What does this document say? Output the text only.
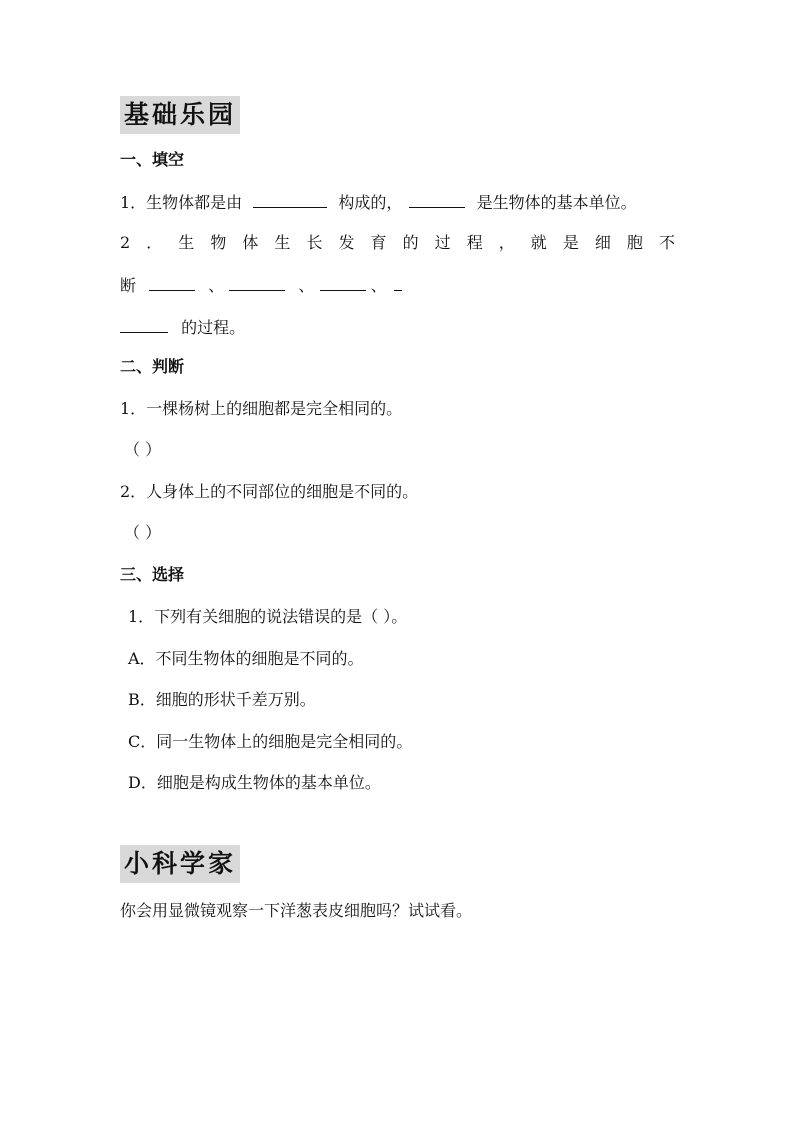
基础乐园
一、填空
1．生物体都是由	构成的，	是生物体的基本单位。
2 ． 生 物 体 生 长 发 育 的 过 程 ， 就 是 细 胞 不
断	、	、	、
的过程。
二、判断
1．一棵杨树上的细胞都是完全相同的。
（ ）
2．人身体上的不同部位的细胞是不同的。
（ ）
三、选择
1．下列有关细胞的说法错误的是（ ）。
A．不同生物体的细胞是不同的。
B．细胞的形状千差万别。
C．同一生物体上的细胞是完全相同的。
D．细胞是构成生物体的基本单位。
小科学家
你会用显微镜观察一下洋葱表皮细胞吗？试试看。
